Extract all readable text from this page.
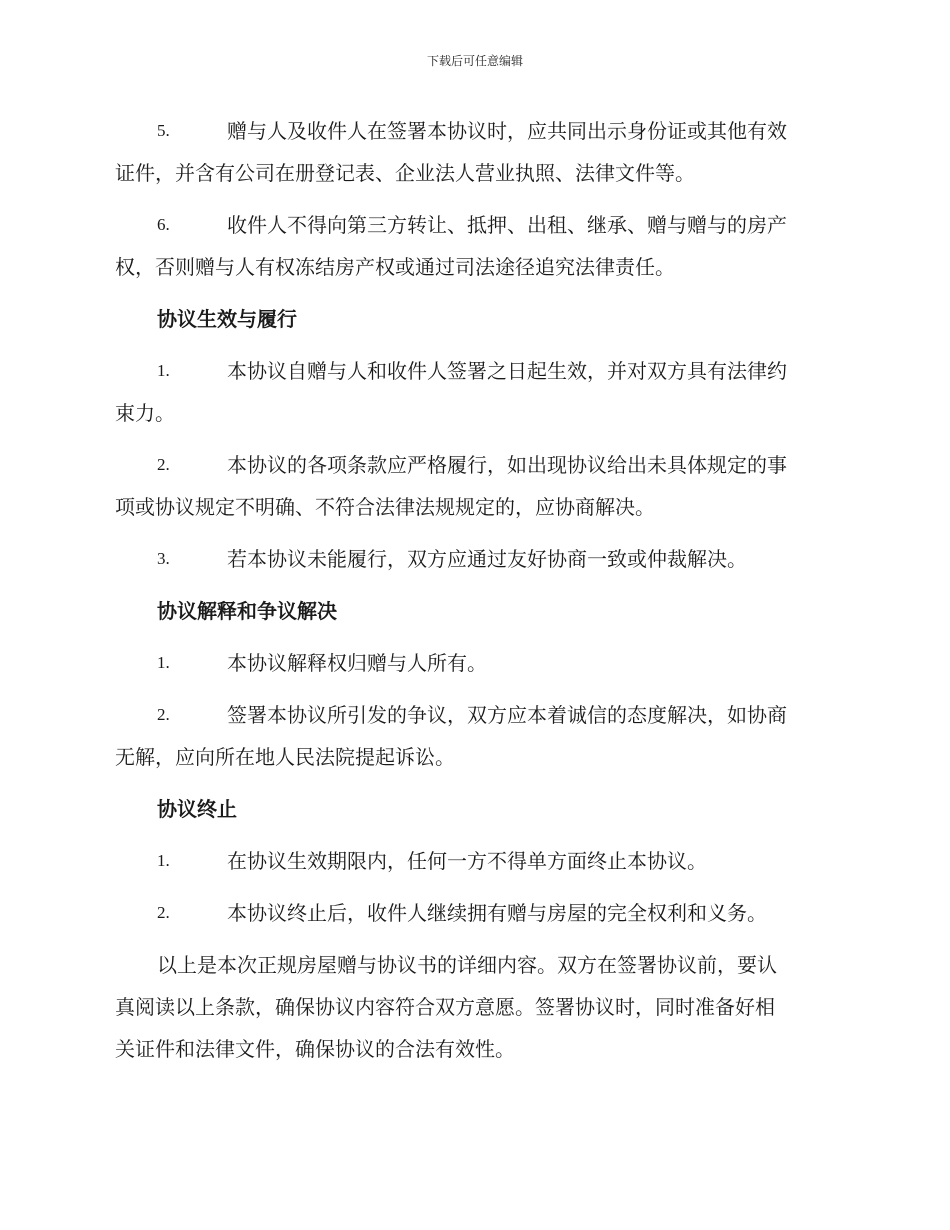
下载后可任意编辑
5.	赠与人及收件人在签署本协议时，应共同出示身份证或其他有效
证件，并含有公司在册登记表、企业法人营业执照、法律文件等。
6.	收件人不得向第三方转让、抵押、出租、继承、赠与赠与的房产
权，否则赠与人有权冻结房产权或通过司法途径追究法律责任。
协议生效与履行
1.	本协议自赠与人和收件人签署之日起生效，并对双方具有法律约
束力。
2.	本协议的各项条款应严格履行，如出现协议给出未具体规定的事
项或协议规定不明确、不符合法律法规规定的，应协商解决。
3.	若本协议未能履行，双方应通过友好协商一致或仲裁解决。
协议解释和争议解决
1.	本协议解释权归赠与人所有。
2.	签署本协议所引发的争议，双方应本着诚信的态度解决，如协商
无解，应向所在地人民法院提起诉讼。
协议终止
1.	在协议生效期限内，任何一方不得单方面终止本协议。
2.	本协议终止后，收件人继续拥有赠与房屋的完全权利和义务。
以上是本次正规房屋赠与协议书的详细内容。双方在签署协议前，要认
真阅读以上条款，确保协议内容符合双方意愿。签署协议时，同时准备好相
关证件和法律文件，确保协议的合法有效性。
